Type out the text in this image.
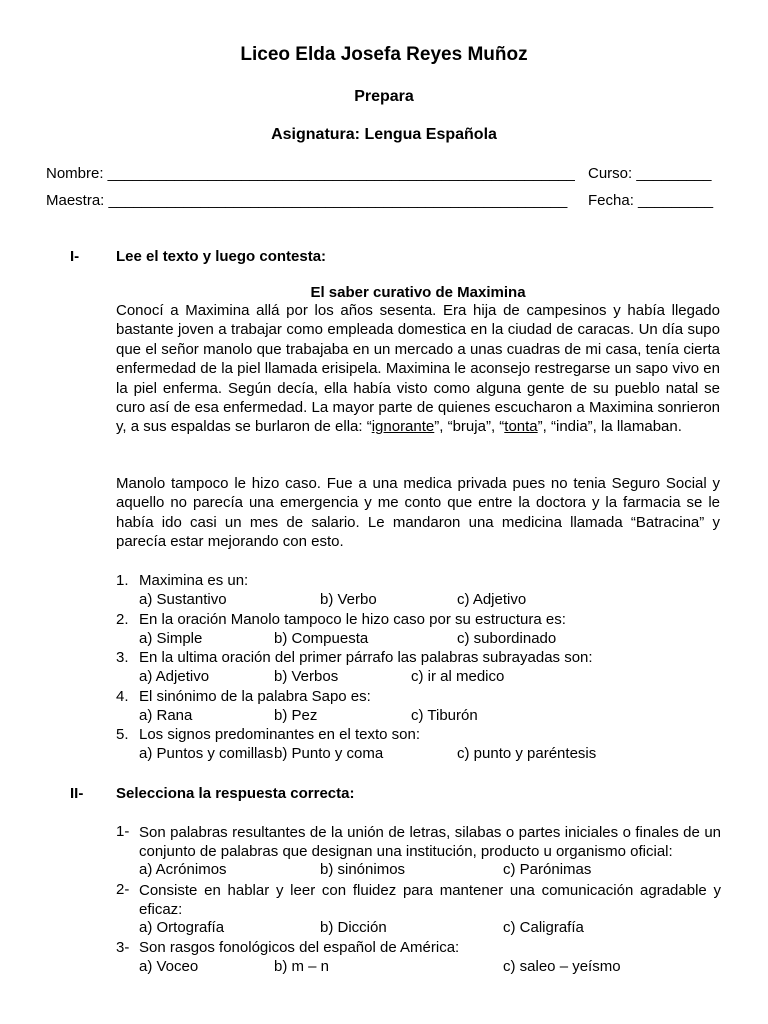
Liceo Elda Josefa Reyes Muñoz
Prepara
Asignatura: Lengua Española
Nombre: ________________________________________________________ Curso: _________
Maestra: _______________________________________________________ Fecha: _________
I- Lee el texto y luego contesta:
El saber curativo de Maximina
Conocí a Maximina allá por los años sesenta. Era hija de campesinos y había llegado bastante joven a trabajar como empleada domestica en la ciudad de caracas. Un día supo que el señor manolo que trabajaba en un mercado a unas cuadras de mi casa, tenía cierta enfermedad de la piel llamada erisipela. Maximina le aconsejo restregarse un sapo vivo en la piel enferma. Según decía, ella había visto como alguna gente de su pueblo natal se curo así de esa enfermedad. La mayor parte de quienes escucharon a Maximina sonrieron y, a sus espaldas se burlaron de ella: “ignorante”, “bruja”, “tonta”, “india”, la llamaban.
Manolo tampoco le hizo caso. Fue a una medica privada pues no tenia Seguro Social y aquello no parecía una emergencia y me conto que entre la doctora y la farmacia se le había ido casi un mes de salario. Le mandaron una medicina llamada “Batracina” y parecía estar mejorando con esto.
1. Maximina es un:
a) Sustantivo	b) Verbo	c) Adjetivo
2. En la oración Manolo tampoco le hizo caso por su estructura es:
a) Simple	b) Compuesta	c) subordinado
3. En la ultima oración del primer párrafo las palabras subrayadas son:
a) Adjetivo	b) Verbos	c) ir al medico
4. El sinónimo de la palabra Sapo es:
a) Rana	b) Pez	c) Tiburón
5. Los signos predominantes en el texto son:
a) Puntos y comillas b) Punto y coma	c) punto y paréntesis
II- Selecciona la respuesta correcta:
1- Son palabras resultantes de la unión de letras, silabas o partes iniciales o finales de un conjunto de palabras que designan una institución, producto u organismo oficial:
a) Acrónimos	b) sinónimos	c) Parónimas
2- Consiste en hablar y leer con fluidez para mantener una comunicación agradable y eficaz:
a) Ortografía	b) Dicción	c) Caligrafía
3- Son rasgos fonológicos del español de América:
a) Voceo	b) m – n	c) saleo – yeísmo
